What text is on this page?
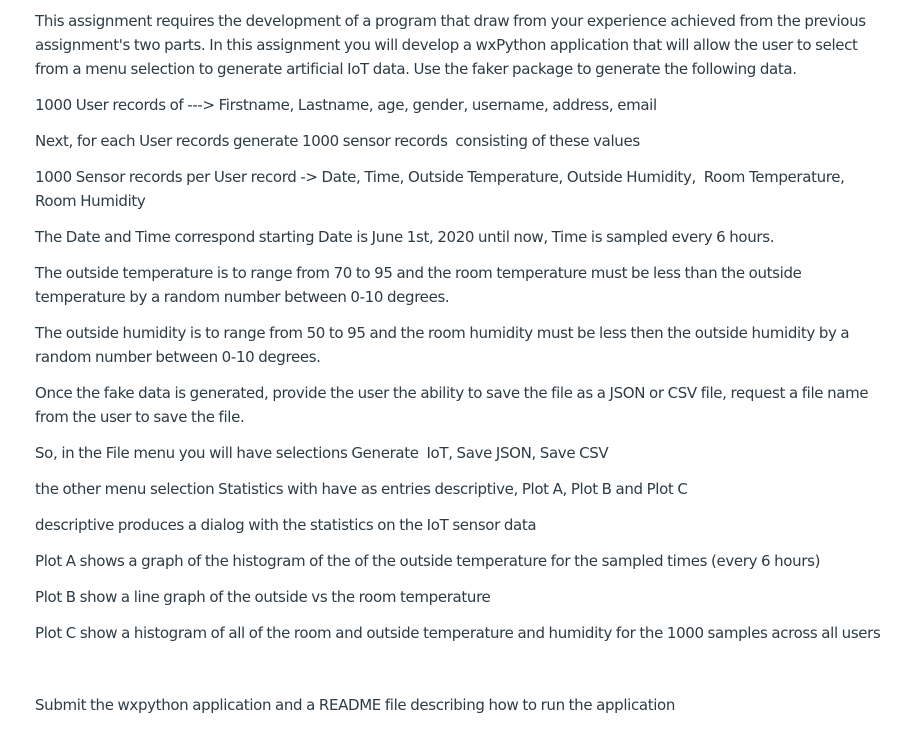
This assignment requires the development of a program that draw from your experience achieved from the previous assignment's two parts. In this assignment you will develop a wxPython application that will allow the user to select from a menu selection to generate artificial IoT data. Use the faker package to generate the following data.

1000 User records of ---> Firstname, Lastname, age, gender, username, address, email

Next, for each User records generate 1000 sensor records  consisting of these values

1000 Sensor records per User record -> Date, Time, Outside Temperature, Outside Humidity,  Room Temperature, Room Humidity

The Date and Time correspond starting Date is June 1st, 2020 until now, Time is sampled every 6 hours.

The outside temperature is to range from 70 to 95 and the room temperature must be less than the outside temperature by a random number between 0-10 degrees.

The outside humidity is to range from 50 to 95 and the room humidity must be less then the outside humidity by a random number between 0-10 degrees.

Once the fake data is generated, provide the user the ability to save the file as a JSON or CSV file, request a file name from the user to save the file.

So, in the File menu you will have selections Generate  IoT, Save JSON, Save CSV

the other menu selection Statistics with have as entries descriptive, Plot A, Plot B and Plot C

descriptive produces a dialog with the statistics on the IoT sensor data

Plot A shows a graph of the histogram of the of the outside temperature for the sampled times (every 6 hours)

Plot B show a line graph of the outside vs the room temperature

Plot C show a histogram of all of the room and outside temperature and humidity for the 1000 samples across all users

Submit the wxpython application and a README file describing how to run the application
